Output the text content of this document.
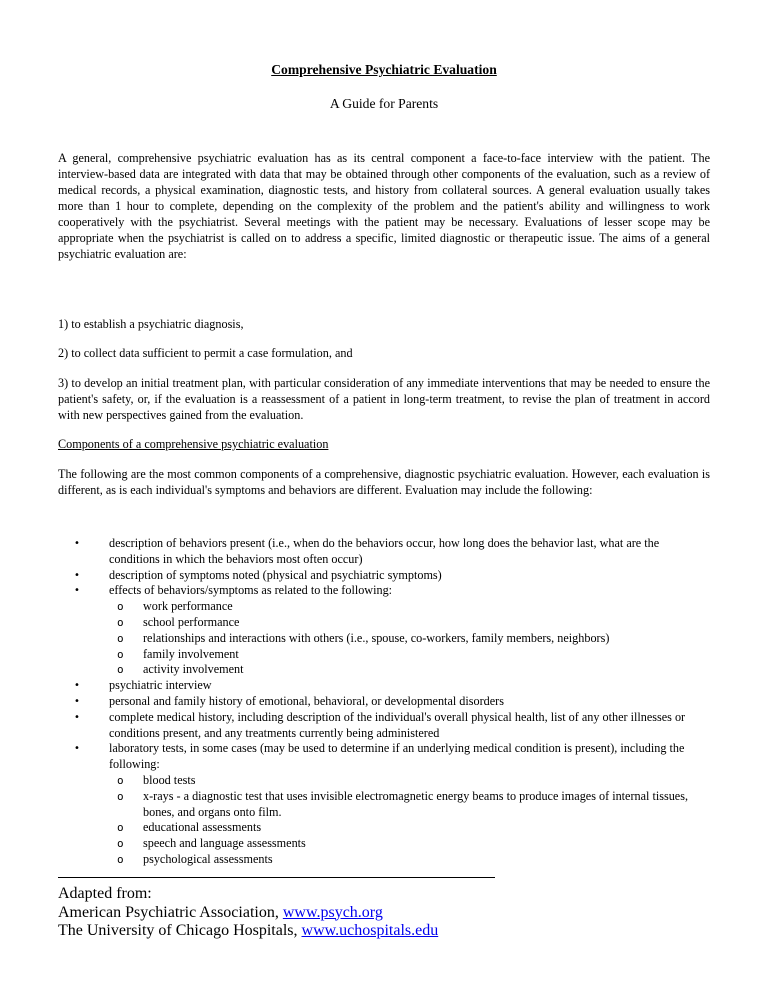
Comprehensive Psychiatric Evaluation
A Guide for Parents

A general, comprehensive psychiatric evaluation has as its central component a face-to-face interview with the patient. The interview-based data are integrated with data that may be obtained through other components of the evaluation, such as a review of medical records, a physical examination, diagnostic tests, and history from collateral sources. A general evaluation usually takes more than 1 hour to complete, depending on the complexity of the problem and the patient's ability and willingness to work cooperatively with the psychiatrist. Several meetings with the patient may be necessary. Evaluations of lesser scope may be appropriate when the psychiatrist is called on to address a specific, limited diagnostic or therapeutic issue. The aims of a general psychiatric evaluation are:

1) to establish a psychiatric diagnosis,

2) to collect data sufficient to permit a case formulation, and

3) to develop an initial treatment plan, with particular consideration of any immediate interventions that may be needed to ensure the patient's safety, or, if the evaluation is a reassessment of a patient in long-term treatment, to revise the plan of treatment in accord with new perspectives gained from the evaluation.

Components of a comprehensive psychiatric evaluation

The following are the most common components of a comprehensive, diagnostic psychiatric evaluation. However, each evaluation is different, as is each individual's symptoms and behaviors are different. Evaluation may include the following:

• description of behaviors present (i.e., when do the behaviors occur, how long does the behavior last, what are the conditions in which the behaviors most often occur)
• description of symptoms noted (physical and psychiatric symptoms)
• effects of behaviors/symptoms as related to the following:
o work performance
o school performance
o relationships and interactions with others (i.e., spouse, co-workers, family members, neighbors)
o family involvement
o activity involvement
• psychiatric interview
• personal and family history of emotional, behavioral, or developmental disorders
• complete medical history, including description of the individual's overall physical health, list of any other illnesses or conditions present, and any treatments currently being administered
• laboratory tests, in some cases (may be used to determine if an underlying medical condition is present), including the following:
o blood tests
o x-rays - a diagnostic test that uses invisible electromagnetic energy beams to produce images of internal tissues, bones, and organs onto film.
o educational assessments
o speech and language assessments
o psychological assessments
Adapted from:
American Psychiatric Association, www.psych.org
The University of Chicago Hospitals, www.uchospitals.edu
